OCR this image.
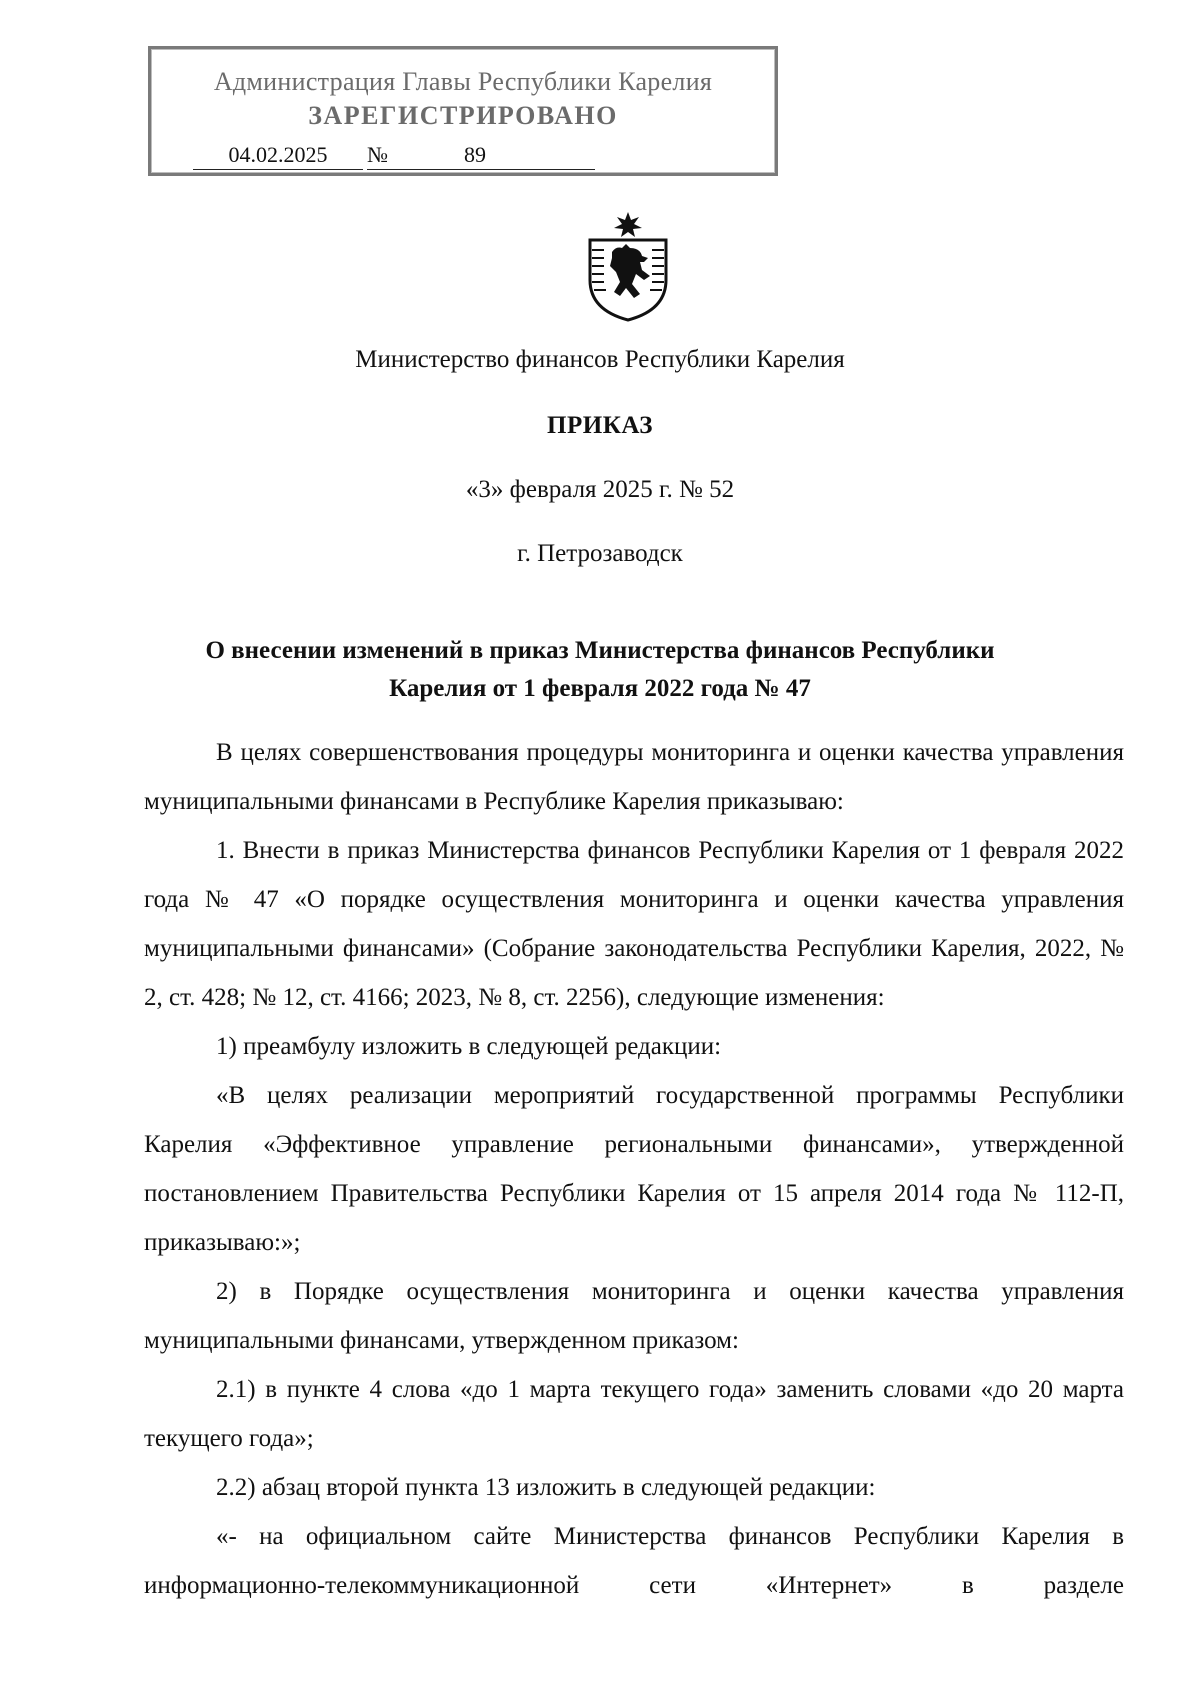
Администрация Главы Республики Карелия
ЗАРЕГИСТРИРОВАНО
04.02.2025	№	89
Министерство финансов Республики Карелия
ПРИКАЗ
«3» февраля 2025 г. № 52
г. Петрозаводск
О внесении изменений в приказ Министерства финансов Республики
Карелия от 1 февраля 2022 года № 47

В целях совершенствования процедуры мониторинга и оценки качества управления муниципальными финансами в Республике Карелия приказываю:

1. Внести в приказ Министерства финансов Республики Карелия от 1 февраля 2022 года № 47 «О порядке осуществления мониторинга и оценки качества управления муниципальными финансами» (Собрание законодательства Республики Карелия, 2022, № 2, ст. 428; № 12, ст. 4166; 2023, № 8, ст. 2256), следующие изменения:

1) преамбулу изложить в следующей редакции:

«В целях реализации мероприятий государственной программы Республики Карелия «Эффективное управление региональными финансами», утвержденной постановлением Правительства Республики Карелия от 15 апреля 2014 года № 112-П, приказываю:»;

2) в Порядке осуществления мониторинга и оценки качества управления муниципальными финансами, утвержденном приказом:

2.1) в пункте 4 слова «до 1 марта текущего года» заменить словами «до 20 марта текущего года»;

2.2) абзац второй пункта 13 изложить в следующей редакции:

«- на официальном сайте Министерства финансов Республики Карелия в информационно-телекоммуникационной сети «Интернет» в разделе
